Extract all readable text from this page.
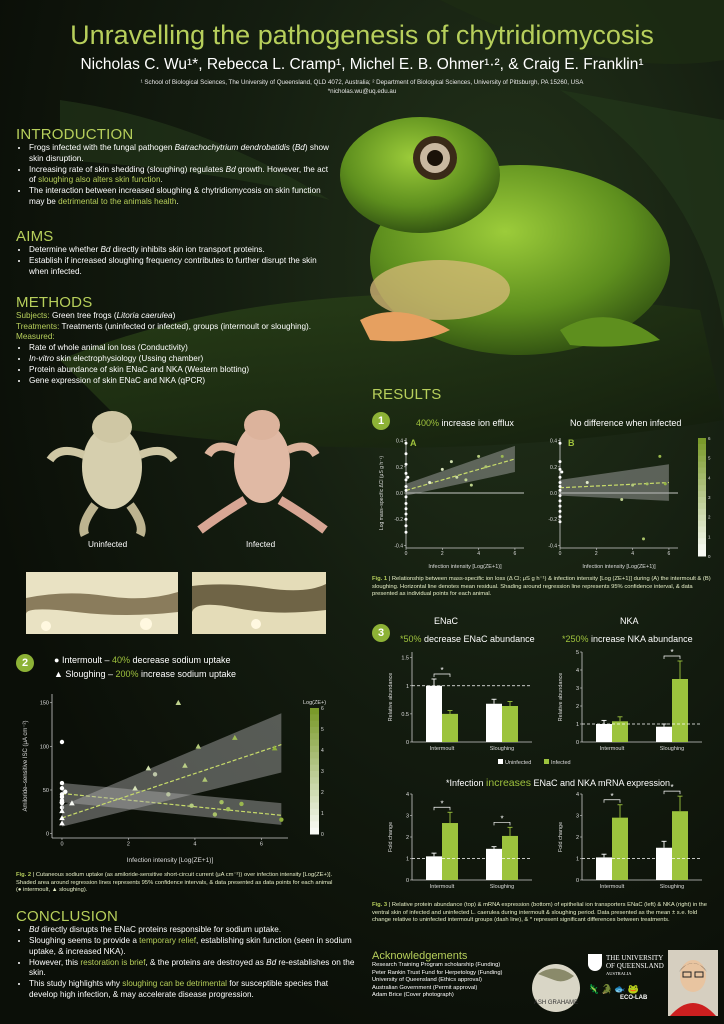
Unravelling the pathogenesis of chytridiomycosis
Nicholas C. Wu¹*, Rebecca L. Cramp¹, Michel E. B. Ohmer¹·², & Craig E. Franklin¹
¹ School of Biological Sciences, The University of Queensland, QLD 4072, Australia; ² Department of Biological Sciences, University of Pittsburgh, PA 15260, USA
*nicholas.wu@uq.edu.au
INTRODUCTION
• Frogs infected with the fungal pathogen Batrachochytrium dendrobatidis (Bd) show skin disruption.
• Increasing rate of skin shedding (sloughing) regulates Bd growth. However, the act of sloughing also alters skin function.
• The interaction between increased sloughing & chytridiomycosis on skin function may be detrimental to the animals health.
AIMS
• Determine whether Bd directly inhibits skin ion transport proteins.
• Establish if increased sloughing frequency contributes to further disrupt the skin when infected.
METHODS
Subjects: Green tree frogs (Litoria caerulea)
Treatments: Treatments (uninfected or infected), groups (intermoult or sloughing).
Measured:
• Rate of whole animal ion loss (Conductivity)
• In-vitro skin electrophysiology (Ussing chamber)
• Protein abundance of skin ENaC and NKA (Western blotting)
• Gene expression of skin ENaC and NKA (qPCR)
Uninfected	Infected
2	● Intermoult – 40% decrease sodium uptake
▲ Sloughing – 200% increase sodium uptake
0
50
100
150
0	2	4	6
0
1
2
3
4
5
6
Log(ZE+)
Amiloride–sensitive ISC (μA cm⁻²)
Infection intensity [Log(ZE+1)]
Fig. 2 | Cutaneous sodium uptake (as amiloride-sensitive short-circuit current (μA cm⁻²)) over infection intensity [Log(ZE+)]. Shaded area around regression lines represents 95% confidence intervals, & data presented as data points for each animal (● intermoult, ▲ sloughing).
RESULTS
1	400% increase ion efflux	No difference when infected
-0.4
-0.2
0.0
0.2
0.4
0	2	4	6
A
-0.4
-0.2
0.0
0.2
0.4
0	2	4	6
B
0
1
2
3
4
5
6
Log mass–specific ΔCl (μS g h⁻¹)
Infection intensity [Log(ZE+1)]	Infection intensity [Log(ZE+1)]
Fig. 1 | Relationship between mass-specific ion loss (Δ Cl; μS g h⁻¹) & infection intensity [Log (ZE+1)] during (A) the intermoult & (B) sloughing. Horizontal line denotes mean residual. Shading around regression line represents 95% confidence interval, & data presented as individual points for each animal.
3
ENaC	NKA
*50% decrease ENaC abundance	*250% increase NKA abundance
*Infection increases ENaC and NKA mRNA expression
0
0.5
1
1.5
Relative abundance
Intermoult
*
Sloughing
0
1
2
3
4
5
Relative abundance
Intermoult	Sloughing
*
0
1
2
3
4
Fold change
Intermoult
*
Sloughing
*
0
1
2
3
4
Fold change
Intermoult
*
Sloughing
*
Uninfected	Infected
Fig. 3 | Relative protein abundance (top) & mRNA expression (bottom) of epithelial ion transporters ENaC (left) & NKA (right) in the ventral skin of infected and uninfected L. caerulea during intermoult & sloughing period. Data presented as the mean ± s.e. fold change relative to uninfected intermoult groups (dash line), & * represent significant differences between treatments.
CONCLUSION
• Bd directly disrupts the ENaC proteins responsible for sodium uptake.
• Sloughing seems to provide a temporary relief, establishing skin function (seen in sodium uptake, & increased NKA).
• However, this restoration is brief, & the proteins are destroyed as Bd re-establishes on the skin.
• This study highlights why sloughing can be detrimental for susceptible species that develop high infection, & may accelerate disease progression.
Acknowledgements
Research Training Program scholarship (Funding)
Peter Rankin Trust Fund for Herpetology (Funding)
University of Queensland (Ethics approval)
Australian Government (Permit approval)
Adam Brice (Cover photograph)
ASH GRAHAME
THE UNIVERSITY
OF QUEENSLAND
AUSTRALIA
🦎🐊🐟🐸
ECO-LAB
